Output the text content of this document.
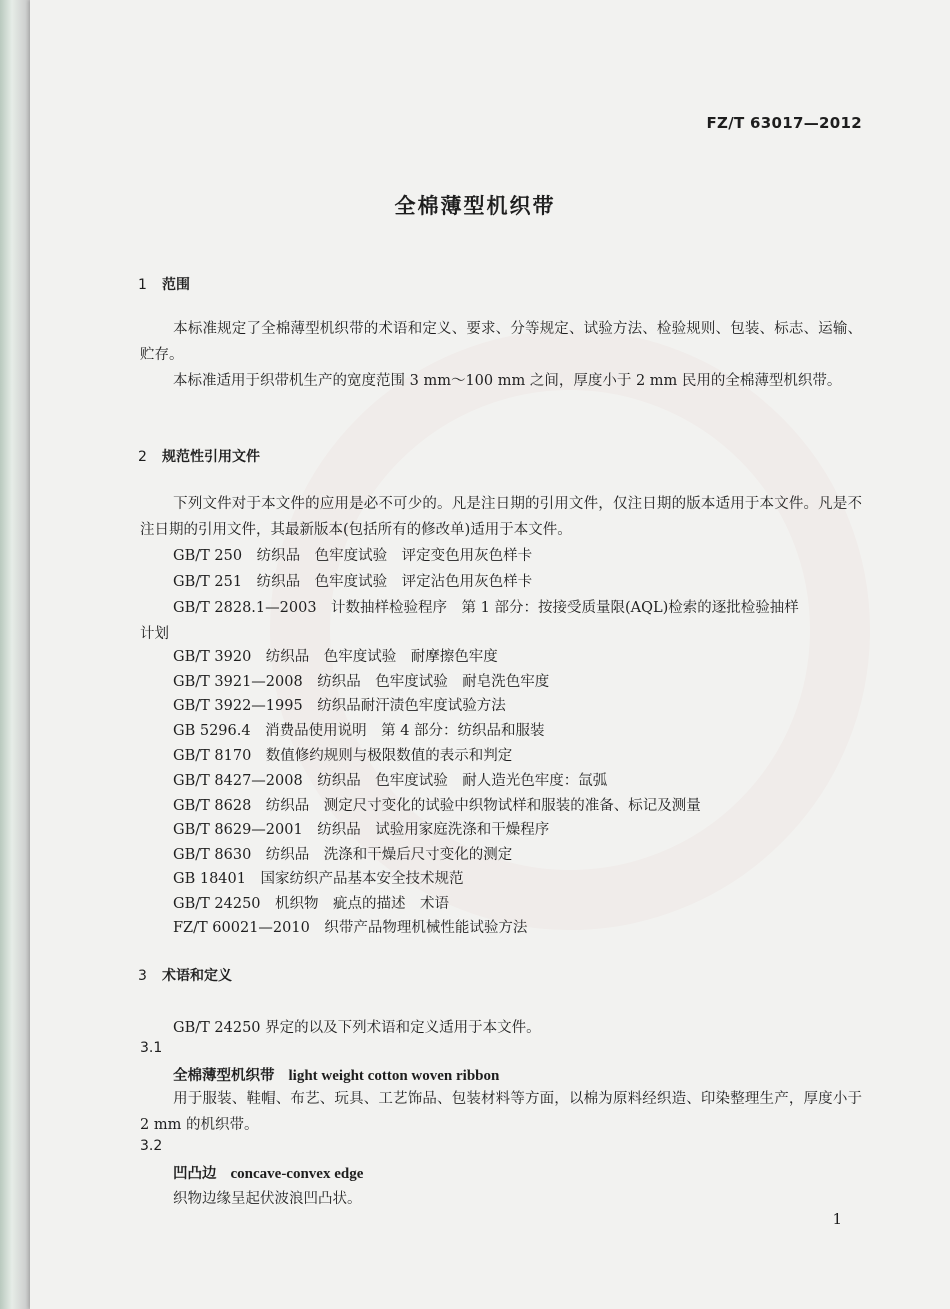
FZ/T 63017—2012
全棉薄型机织带
1 范围
本标准规定了全棉薄型机织带的术语和定义、要求、分等规定、试验方法、检验规则、包装、标志、运输、贮存。
本标准适用于织带机生产的宽度范围 3 mm～100 mm 之间，厚度小于 2 mm 民用的全棉薄型机织带。
2 规范性引用文件
下列文件对于本文件的应用是必不可少的。凡是注日期的引用文件，仅注日期的版本适用于本文件。凡是不注日期的引用文件，其最新版本(包括所有的修改单)适用于本文件。
GB/T 250　纺织品　色牢度试验　评定变色用灰色样卡
GB/T 251　纺织品　色牢度试验　评定沾色用灰色样卡
GB/T 2828.1—2003　计数抽样检验程序　第 1 部分：按接受质量限(AQL)检索的逐批检验抽样
计划
GB/T 3920　纺织品　色牢度试验　耐摩擦色牢度
GB/T 3921—2008　纺织品　色牢度试验　耐皂洗色牢度
GB/T 3922—1995　纺织品耐汗渍色牢度试验方法
GB 5296.4　消费品使用说明　第 4 部分：纺织品和服装
GB/T 8170　数值修约规则与极限数值的表示和判定
GB/T 8427—2008　纺织品　色牢度试验　耐人造光色牢度：氙弧
GB/T 8628　纺织品　测定尺寸变化的试验中织物试样和服装的准备、标记及测量
GB/T 8629—2001　纺织品　试验用家庭洗涤和干燥程序
GB/T 8630　纺织品　洗涤和干燥后尺寸变化的测定
GB 18401　国家纺织产品基本安全技术规范
GB/T 24250　机织物　疵点的描述　术语
FZ/T 60021—2010　织带产品物理机械性能试验方法
3 术语和定义
GB/T 24250 界定的以及下列术语和定义适用于本文件。
3.1
全棉薄型机织带 light weight cotton woven ribbon
用于服装、鞋帽、布艺、玩具、工艺饰品、包装材料等方面，以棉为原料经织造、印染整理生产，厚度小于 2 mm 的机织带。
3.2
凹凸边 concave-convex edge
织物边缘呈起伏波浪凹凸状。
1
